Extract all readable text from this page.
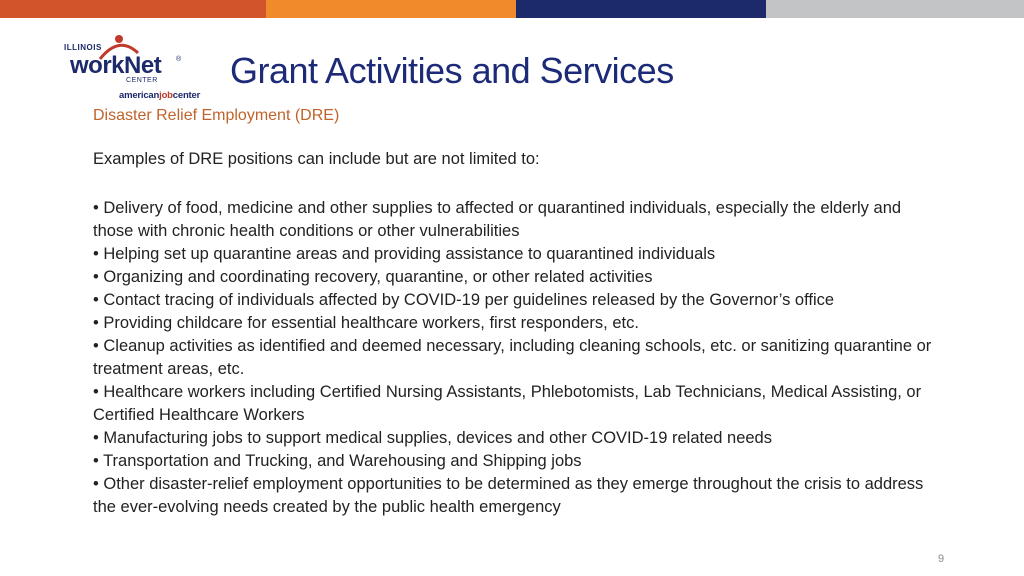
ILLINOIS
workNet ®
CENTER
americanjobcenter
Grant Activities and Services

Disaster Relief Employment (DRE)

Examples of DRE positions can include but are not limited to:

• Delivery of food, medicine and other supplies to affected or quarantined individuals, especially the elderly and those with chronic health conditions or other vulnerabilities
• Helping set up quarantine areas and providing assistance to quarantined individuals
• Organizing and coordinating recovery, quarantine, or other related activities
• Contact tracing of individuals affected by COVID-19 per guidelines released by the Governor’s office
• Providing childcare for essential healthcare workers, first responders, etc.
• Cleanup activities as identified and deemed necessary, including cleaning schools, etc. or sanitizing quarantine or treatment areas, etc.
• Healthcare workers including Certified Nursing Assistants, Phlebotomists, Lab Technicians, Medical Assisting, or Certified Healthcare Workers
• Manufacturing jobs to support medical supplies, devices and other COVID-19 related needs
• Transportation and Trucking, and Warehousing and Shipping jobs
• Other disaster-relief employment opportunities to be determined as they emerge throughout the crisis to address the ever-evolving needs created by the public health emergency
9
